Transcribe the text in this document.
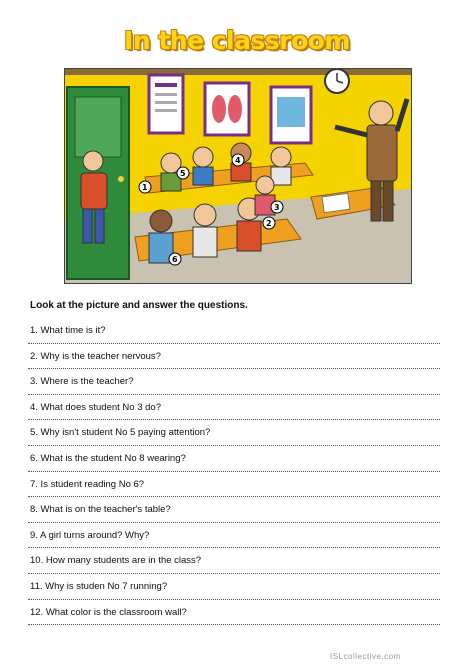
In the classroom
1
2
3
4
5
6
Look at the picture and answer the questions.
1. What time is it?
2. Why is the teacher nervous?
3. Where is the teacher?
4. What does student No 3 do?
5. Why isn't student No 5 paying attention?
6. What is the student No 8 wearing?
7. Is student reading No 6?
8. What is on the teacher's table?
9. A girl turns around? Why?
10. How many students are in the class?
11. Why is studen No 7 running?
12. What color is the classroom wall?
ISLcollective.com
